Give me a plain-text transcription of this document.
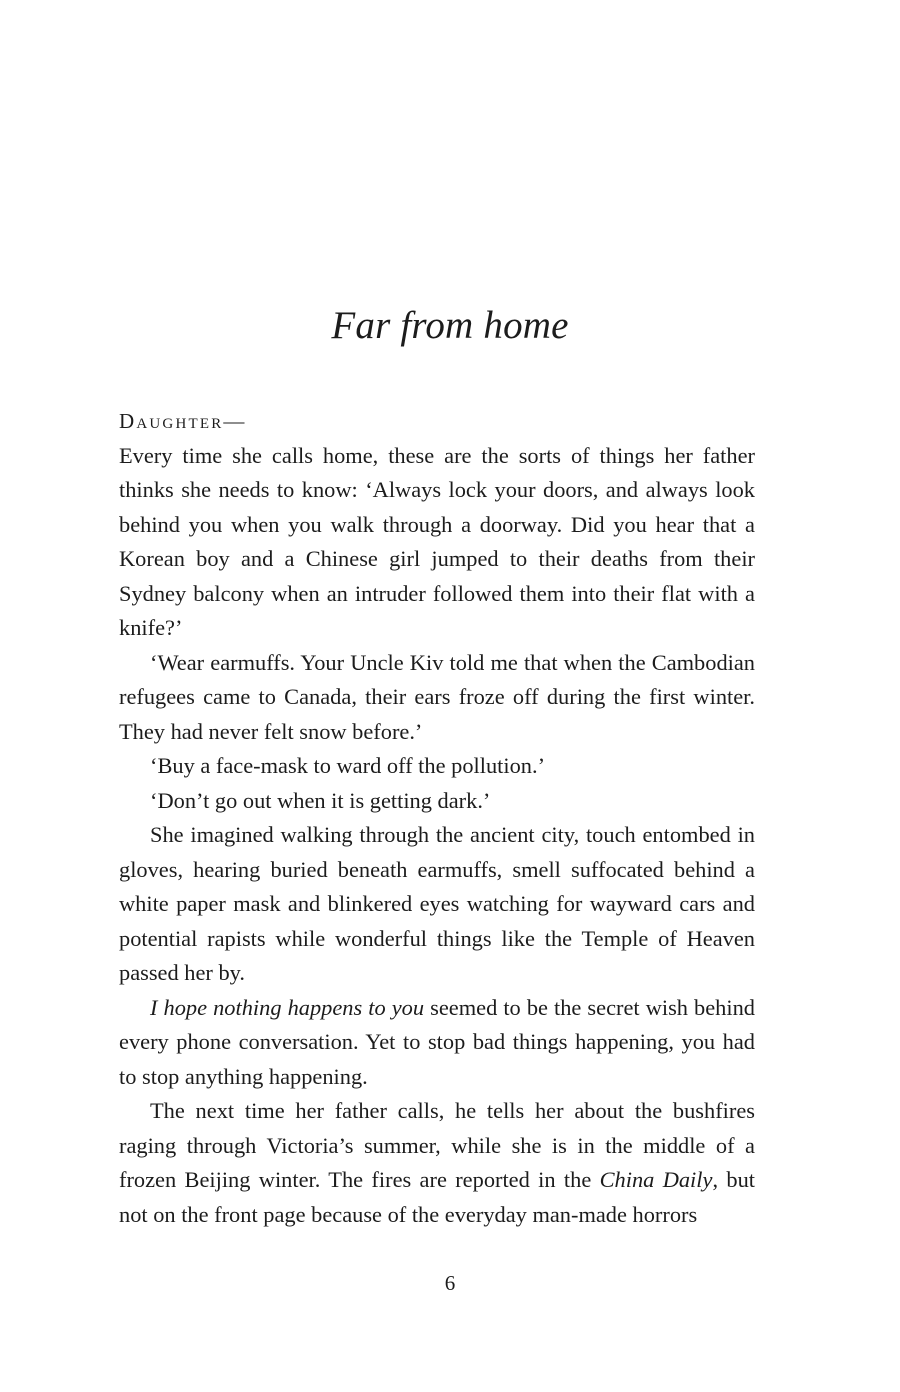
Far from home

Daughter—

Every time she calls home, these are the sorts of things her father thinks she needs to know: ‘Always lock your doors, and always look behind you when you walk through a doorway. Did you hear that a Korean boy and a Chinese girl jumped to their deaths from their Sydney balcony when an intruder followed them into their flat with a knife?’

‘Wear earmuffs. Your Uncle Kiv told me that when the Cambodian refugees came to Canada, their ears froze off during the first winter. They had never felt snow before.’

‘Buy a face-mask to ward off the pollution.’

‘Don’t go out when it is getting dark.’

She imagined walking through the ancient city, touch entombed in gloves, hearing buried beneath earmuffs, smell suffocated behind a white paper mask and blinkered eyes watching for wayward cars and potential rapists while wonderful things like the Temple of Heaven passed her by.

I hope nothing happens to you seemed to be the secret wish behind every phone conversation. Yet to stop bad things happening, you had to stop anything happening.

The next time her father calls, he tells her about the bushfires raging through Victoria’s summer, while she is in the middle of a frozen Beijing winter. The fires are reported in the China Daily, but not on the front page because of the everyday man-made horrors

6
